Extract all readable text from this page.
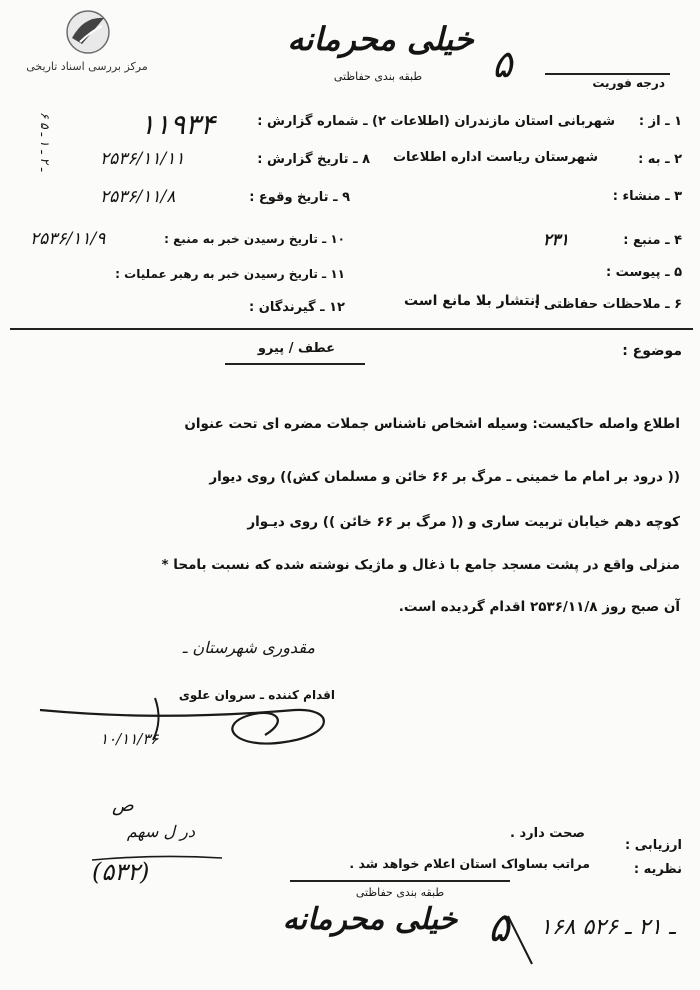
مرکز بررسی اسناد تاریخی
خیلی محرمانه
طبقه بندی حفاظتی	۵	درجه فوریت
۶ ـ ۲ ـ ۱ ـ ۵
۱ ـ از :
شهربانی استان مازندران (اطلاعات ۲) ـ شماره گزارش :
۱۱۹۳۴
۲ ـ به :
شهرستان ریاست اداره اطلاعات
۳ ـ منشاء :
۴ ـ منبع :
۲۳۱
۵ ـ پیوست :
۶ ـ ملاحظات حفاظتی :
انتشار بلا مانع است
۸ ـ تاریخ گزارش :
۲۵۳۶/۱۱/۱۱
۹ ـ تاریخ وقوع :
۲۵۳۶/۱۱/۸
۱۰ ـ تاریخ رسیدن خبر به منبع :
۲۵۳۶/۱۱/۹
۱۱ ـ تاریخ رسیدن خبر به رهبر عملیات :
۱۲ ـ گیرندگان :
موضوع :
عطف / پیرو
اطلاع واصله حاکیست: وسیله اشخاص ناشناس جملات مضره ای تحت عنوان
(( درود بر امام ما خمینی ـ مرگ بر ۶۶ خائن و مسلمان کش)) روی دیوار
کوچه دهم خیابان تربیت ساری و (( مرگ بر ۶۶ خائن )) روی دیـوار
منزلی واقع در پشت مسجد جامع با ذغال و ماژیک نوشته شده که نسبت بامحا *
آن صبح روز ۲۵۳۶/۱۱/۸ اقدام گردیده است.
مقدوری شهرستان ـ
اقدام کننده ـ سروان علوی
۱۰/۱۱/۳۶
ص
در ل سهم
(۵۳۲)
ارزیابی :
نظریه :
صحت دارد .
مراتب بساواک استان اعلام خواهد شد .
طبقه بندی حفاظتی
خیلی محرمانه ۵ ۱۶۸ ـ ۲۱ ـ ۵۲۶
